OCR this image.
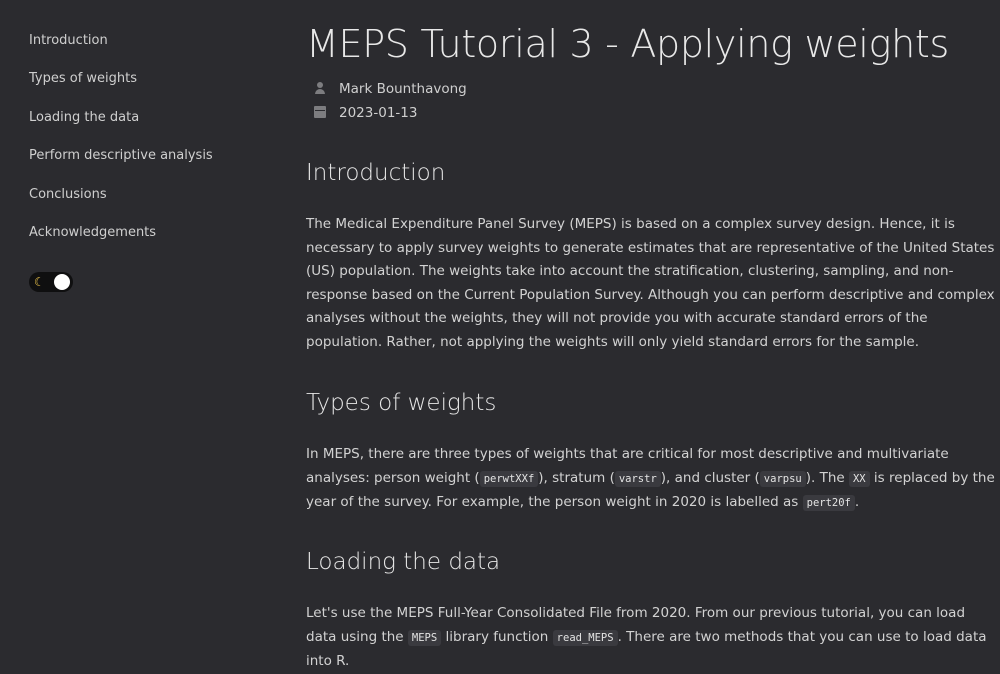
Introduction
Types of weights
Loading the data
Perform descriptive analysis
Conclusions
Acknowledgements
☾
MEPS Tutorial 3 - Applying weights
Mark Bounthavong
2023-01-13
Introduction

The Medical Expenditure Panel Survey (MEPS) is based on a complex survey design. Hence, it is necessary to apply survey weights to generate estimates that are representative of the United States (US) population. The weights take into account the stratification, clustering, sampling, and non-response based on the Current Population Survey. Although you can perform descriptive and complex analyses without the weights, they will not provide you with accurate standard errors of the population. Rather, not applying the weights will only yield standard errors for the sample.

Types of weights

In MEPS, there are three types of weights that are critical for most descriptive and multivariate analyses: person weight ( perwtXXf ), stratum ( varstr ), and cluster ( varpsu ). The XX is replaced by the year of the survey. For example, the person weight in 2020 is labelled as pert20f .

Loading the data

Let's use the MEPS Full-Year Consolidated File from 2020. From our previous tutorial, you can load data using the MEPS library function read_MEPS . There are two methods that you can use to load data into R.
